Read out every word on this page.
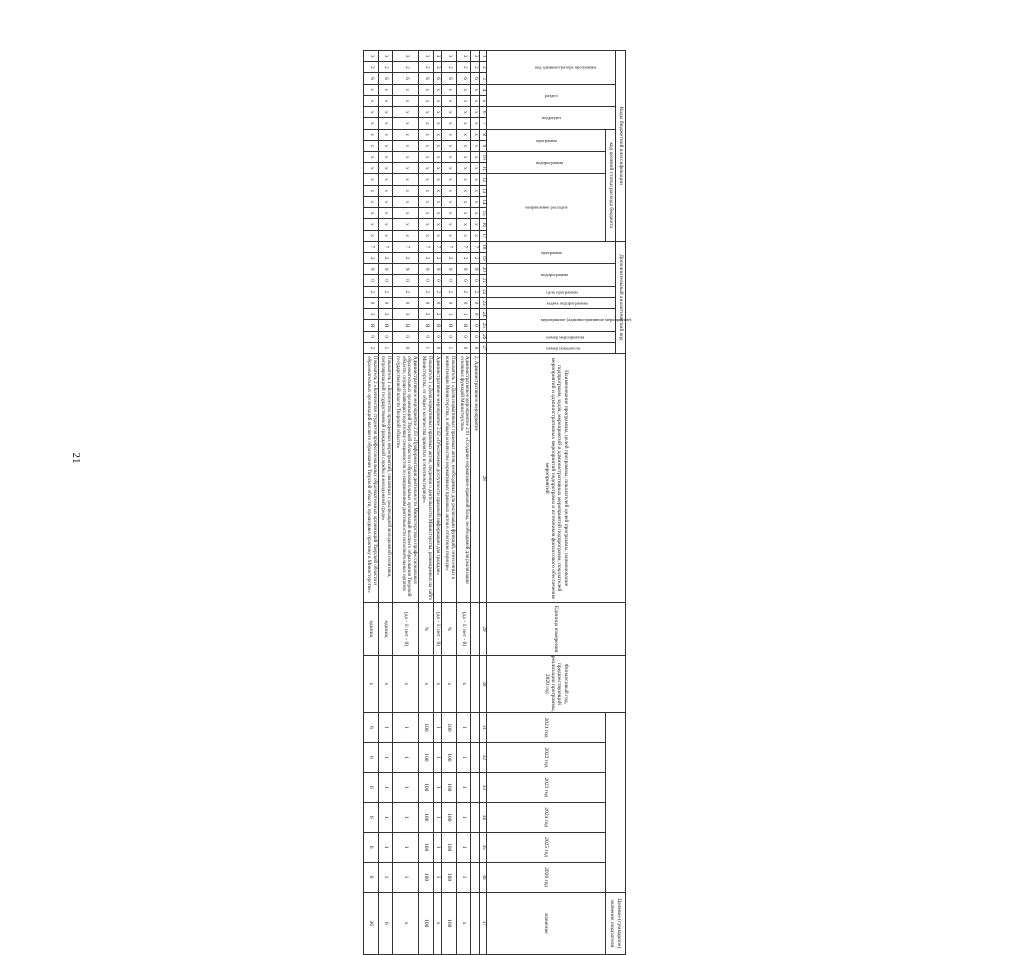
21
Коды бюджетной классификации																	Дополнительный аналитический код										Наименование программы, целей программы, показателей целей программы, наименование подпрограмм, задач, мероприятий и административных мероприятий подпрограмм, показателей мероприятий и административных мероприятий подпрограмм и источников финансового обеспечения мероприятий	Единица измерения	Финансовый год, предшествующий реализации программы, 2020 год							Целевое (суммарное) значение показателя

код администратора программы			раздел		подраздел		код целевой статьи расхода бюджета										программа		подпрограмма		цель программы	задача подпрограммы	мероприятие (административное мероприятие)		номер мероприятия	номер показателя										

							программа		подпрограмма		направление расходов																			2021 год	2022 год	2023 год	2024 год	2025 год	2026 год	значение
1	2	3	4	5	6	7	8	9	10	11	12	13	14	15	16	17	18	19	20	21	22	23	24	25	26	27	28	29	30	31	32	33	34	35	36	37
3	2	6	х	х	х	х	х	х	х	х	х	х	х	х	х	х	7	2	9	0	2	0	0	0	0	0	2. Административное мероприятие									
3	2	6	х	х	х	х	х	х	х	х	х	х	х	х	х	х	7	2	9	0	2	0	1	Я	0	0	Административное мероприятие 2.01 «Создание нормативно-правовой базы, необходимой для реализации основных функций Министерства»	(да - 1/ нет - 0)	х	1	1	1	1	1	1	х
3	2	6	х	х	х	х	х	х	х	х	х	х	х	х	х	х	7	2	9	0	2	0	1	Я	0	1	Показатель 1 «Доля нормативных правовых актов, необходимых для реализации функций, отнесенных к компетенции Министерства, в общем количестве нормативных правовых актов в отчетном периоде»	%	х	100	100	100	100	100	100	100
3	2	6	х	х	х	х	х	х	х	х	х	х	х	х	х	х	7	2	9	0	2	0	2	Я	0	0	Административное мероприятие 2.02 «Обеспечение доступности правовой информации для граждан»	(да - 1/ нет - 0)	х	1	1	1	1	1	1	х
3	2	6	х	х	х	х	х	х	х	х	х	х	х	х	х	х	7	2	9	0	2	0	2	Я	0	1	Показатель 1 «Доля нормативных правовых актов, сведения о деятельности Министерства, размещенных на сайте Министерства, от общего количества принятых в отчетном периоде»	%	х	100	100	100	100	100	100	100
3	2	6	х	х	х	х	х	х	х	х	х	х	х	х	х	х	7	2	9	0	2	0	3	Я	0	0	Административное мероприятие 2.03 «Профориентация деятельности Министерства и профессиональных образовательных организаций Тверской области и образовательных организаций высшего образования Тверской области, осуществляющих подготовку специалистов по направлениям деятельности исполнительных органов государственной власти Тверской области»	(да - 1/ нет - 0)	х	1	1	1	1	1	1	х
3	2	6	х	х	х	х	х	х	х	х	х	х	х	х	х	х	7	2	9	0	2	0	3	Я	0	1	Показатель 1 «Количество проведенных мероприятий, связанных с реализацией молодежной политики, популяризацией государственной гражданской службы в молодежной среде»	единиц	х	1	1	1	1	1	1	6
3	2	6	х	х	х	х	х	х	х	х	х	х	х	х	х	х	7	2	9	0	2	0	3	Я	0	2	Показатель 2 «Количество студентов профессиональных образовательных организаций Тверской области и образовательных организаций высшего образования Тверской области, прошедших практику в Министерстве»	единиц	х	6	6	6	6	6	6	36
·
